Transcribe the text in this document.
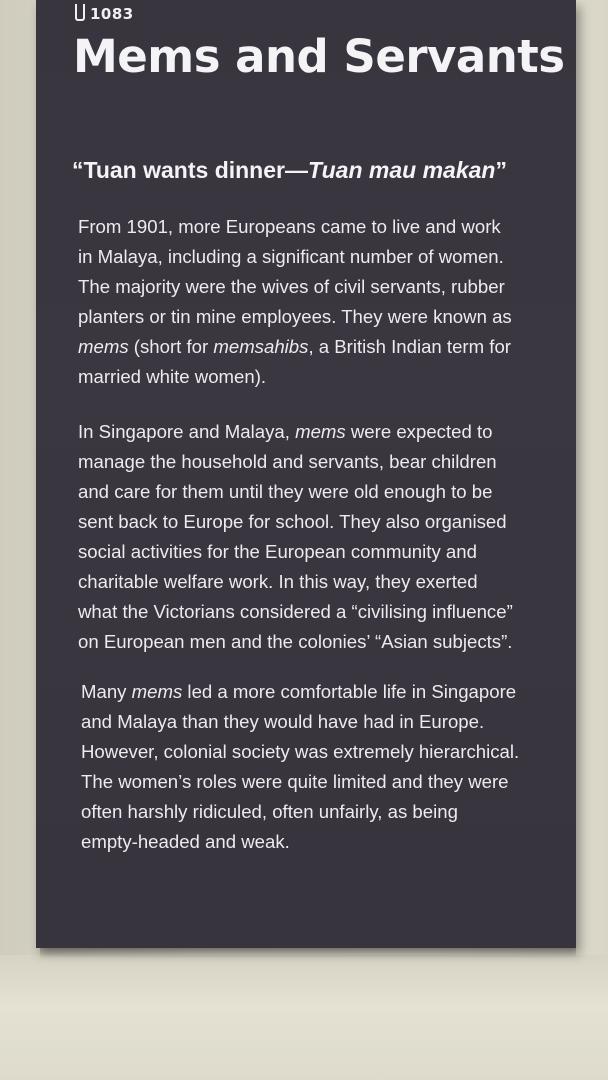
1083
Mems and Servants
“Tuan wants dinner—Tuan mau makan”
From 1901, more Europeans came to live and work
in Malaya, including a significant number of women.
The majority were the wives of civil servants, rubber
planters or tin mine employees. They were known as
mems (short for memsahibs, a British Indian term for
married white women).
In Singapore and Malaya, mems were expected to
manage the household and servants, bear children
and care for them until they were old enough to be
sent back to Europe for school. They also organised
social activities for the European community and
charitable welfare work. In this way, they exerted
what the Victorians considered a “civilising influence”
on European men and the colonies’ “Asian subjects”.
Many mems led a more comfortable life in Singapore
and Malaya than they would have had in Europe.
However, colonial society was extremely hierarchical.
The women’s roles were quite limited and they were
often harshly ridiculed, often unfairly, as being
empty-headed and weak.
